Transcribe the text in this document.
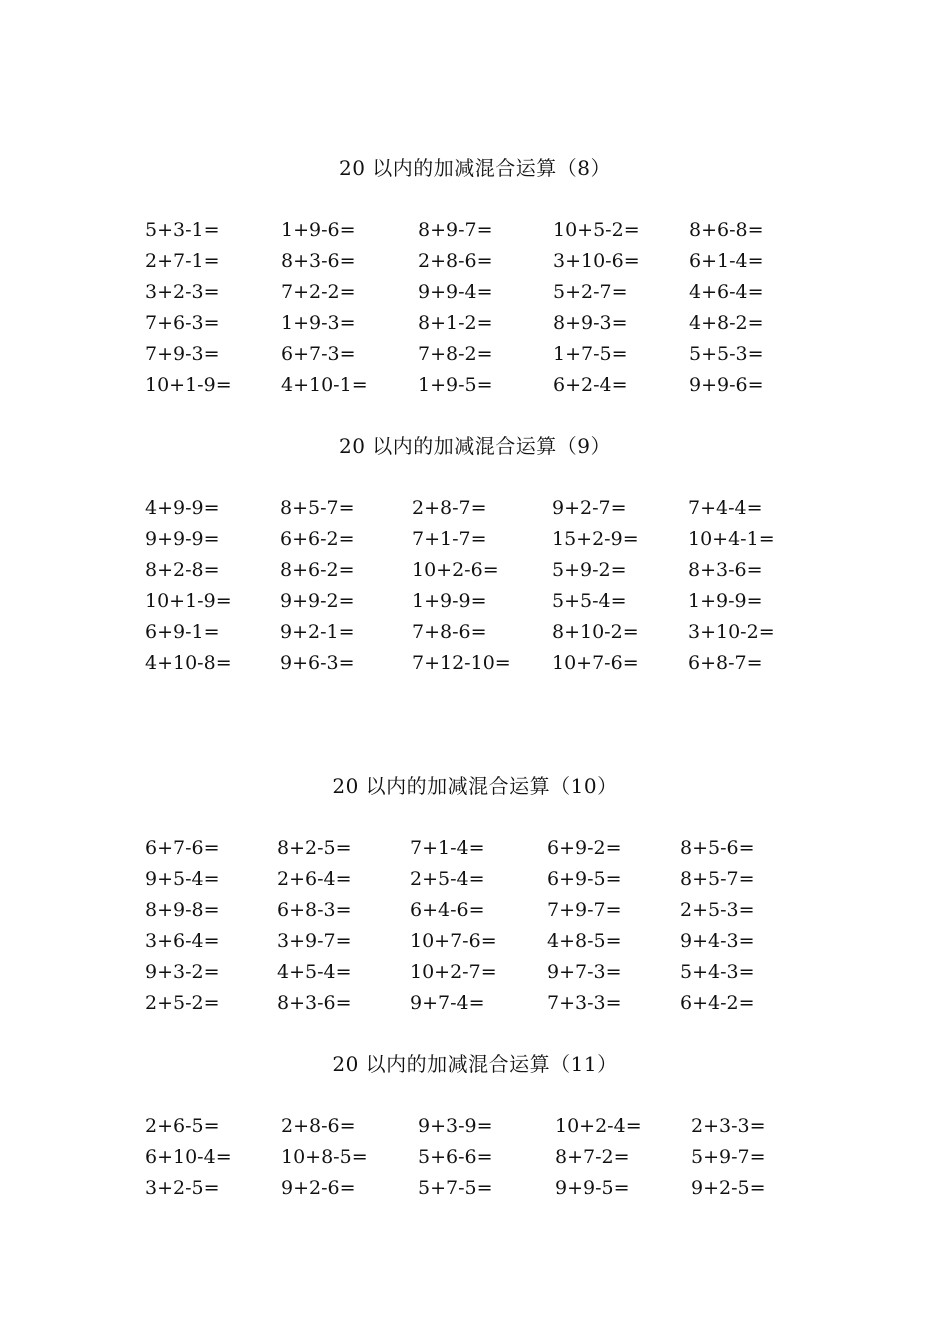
20 以内的加减混合运算（8）
5+3-1=	1+9-6=	8+9-7=	10+5-2=	8+6-8=
2+7-1=	8+3-6=	2+8-6=	3+10-6=	6+1-4=
3+2-3=	7+2-2=	9+9-4=	5+2-7=	4+6-4=
7+6-3=	1+9-3=	8+1-2=	8+9-3=	4+8-2=
7+9-3=	6+7-3=	7+8-2=	1+7-5=	5+5-3=
10+1-9=	4+10-1=	1+9-5=	6+2-4=	9+9-6=
20 以内的加减混合运算（9）
4+9-9=	8+5-7=	2+8-7=	9+2-7=	7+4-4=
9+9-9=	6+6-2=	7+1-7=	15+2-9=	10+4-1=
8+2-8=	8+6-2=	10+2-6=	5+9-2=	8+3-6=
10+1-9=	9+9-2=	1+9-9=	5+5-4=	1+9-9=
6+9-1=	9+2-1=	7+8-6=	8+10-2=	3+10-2=
4+10-8=	9+6-3=	7+12-10= 10+7-6=	6+8-7=
20 以内的加减混合运算（10）
6+7-6=	8+2-5=	7+1-4=	6+9-2=	8+5-6=
9+5-4=	2+6-4=	2+5-4=	6+9-5=	8+5-7=
8+9-8=	6+8-3=	6+4-6=	7+9-7=	2+5-3=
3+6-4=	3+9-7=	10+7-6=	4+8-5=	9+4-3=
9+3-2=	4+5-4=	10+2-7=	9+7-3=	5+4-3=
2+5-2=	8+3-6=	9+7-4=	7+3-3=	6+4-2=
20 以内的加减混合运算（11）
2+6-5=	2+8-6=	9+3-9=	10+2-4=	2+3-3=
6+10-4=	10+8-5=	5+6-6=	8+7-2=	5+9-7=
3+2-5=	9+2-6=	5+7-5=	9+9-5=	9+2-5=
